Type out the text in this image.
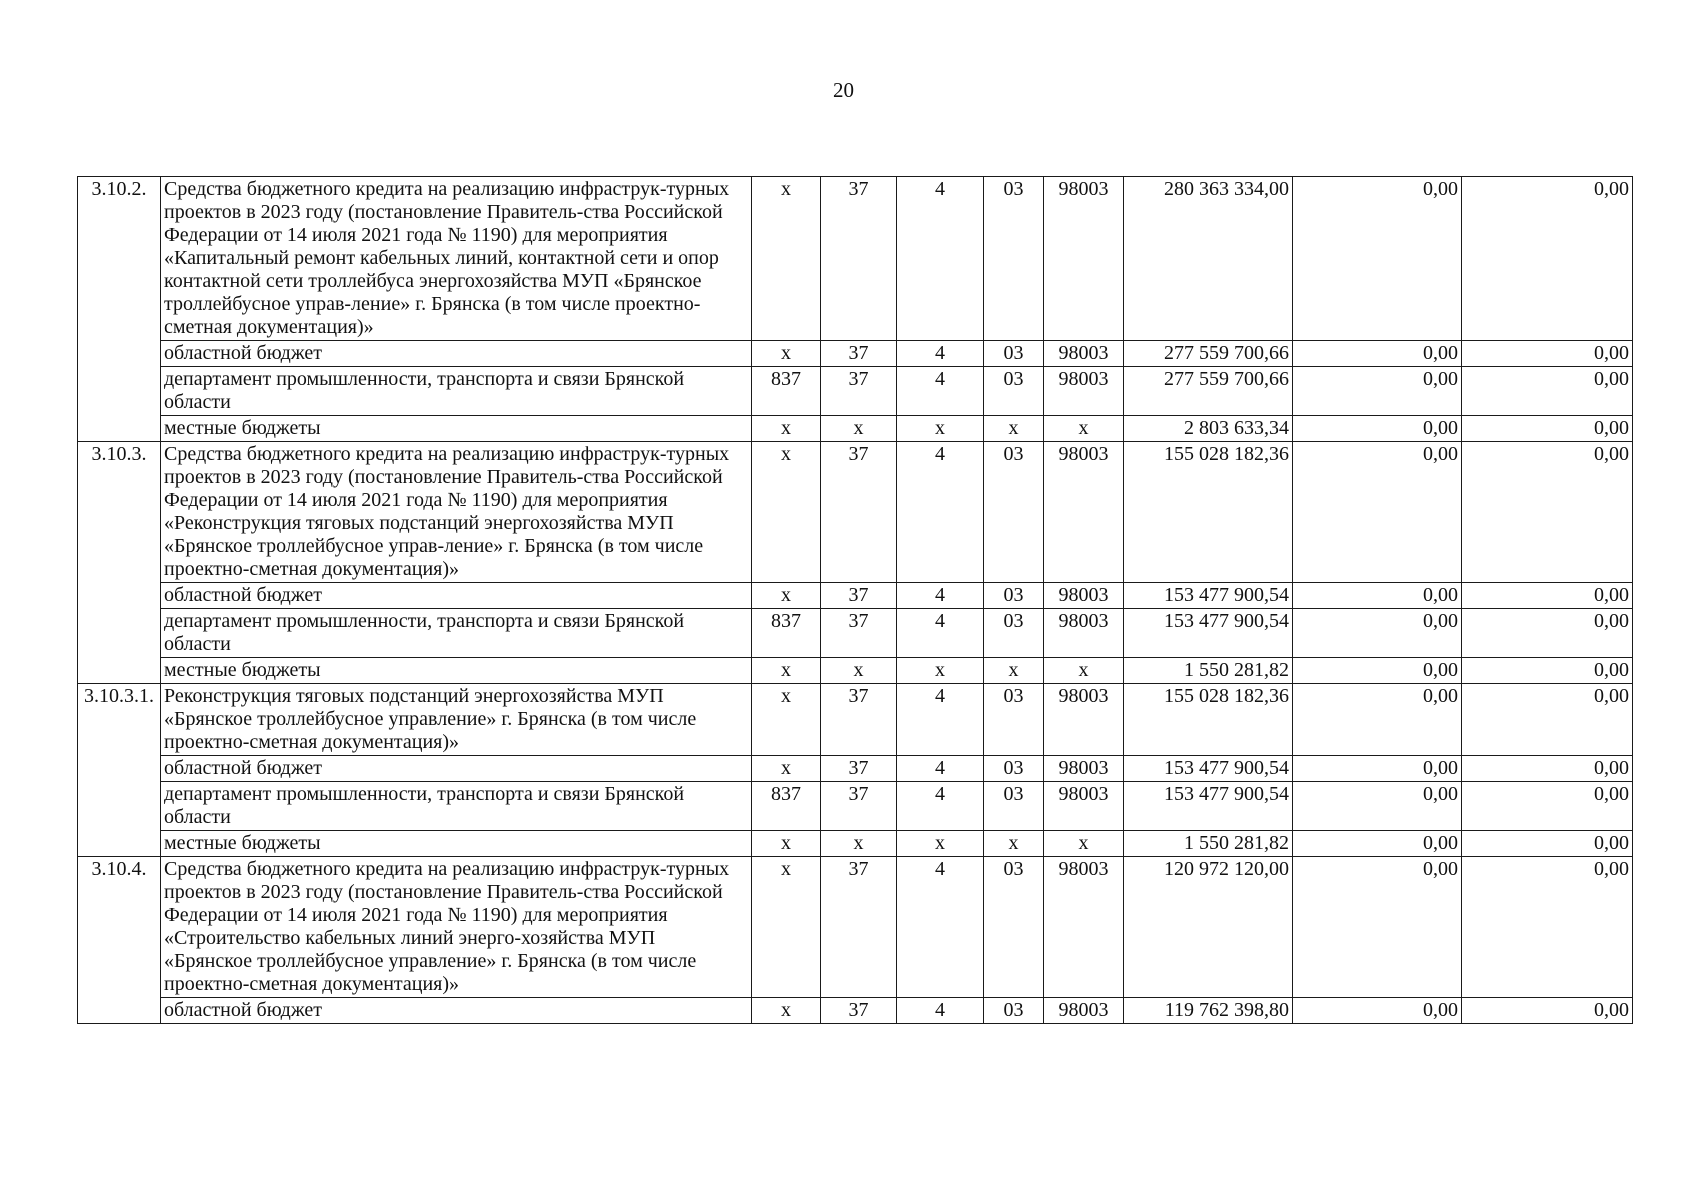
20
3.10.2.	Средства бюджетного кредита на реализацию инфраструк-турных проектов в 2023 году (постановление Правитель-ства Российской Федерации от 14 июля 2021 года № 1190) для мероприятия «Капитальный ремонт кабельных линий, контактной сети и опор контактной сети троллейбуса энергохозяйства МУП «Брянское троллейбусное управ-ление» г. Брянска (в том числе проектно-сметная документация)»	х	37	4	03	98003	280 363 334,00	0,00	0,00
	областной бюджет	х	37	4	03	98003	277 559 700,66	0,00	0,00
	департамент промышленности, транспорта и связи Брянской области	837	37	4	03	98003	277 559 700,66	0,00	0,00
	местные бюджеты	х	х	х	х	х	2 803 633,34	0,00	0,00
3.10.3.	Средства бюджетного кредита на реализацию инфраструк-турных проектов в 2023 году (постановление Правитель-ства Российской Федерации от 14 июля 2021 года № 1190) для мероприятия «Реконструкция тяговых подстанций энергохозяйства МУП «Брянское троллейбусное управ-ление» г. Брянска (в том числе проектно-сметная документация)»	х	37	4	03	98003	155 028 182,36	0,00	0,00
	областной бюджет	х	37	4	03	98003	153 477 900,54	0,00	0,00
	департамент промышленности, транспорта и связи Брянской области	837	37	4	03	98003	153 477 900,54	0,00	0,00
	местные бюджеты	х	х	х	х	х	1 550 281,82	0,00	0,00
3.10.3.1.	Реконструкция тяговых подстанций энергохозяйства МУП «Брянское троллейбусное управление» г. Брянска (в том числе проектно-сметная документация)»	х	37	4	03	98003	155 028 182,36	0,00	0,00
	областной бюджет	х	37	4	03	98003	153 477 900,54	0,00	0,00
	департамент промышленности, транспорта и связи Брянской области	837	37	4	03	98003	153 477 900,54	0,00	0,00
	местные бюджеты	х	х	х	х	х	1 550 281,82	0,00	0,00
3.10.4.	Средства бюджетного кредита на реализацию инфраструк-турных проектов в 2023 году (постановление Правитель-ства Российской Федерации от 14 июля 2021 года № 1190) для мероприятия «Строительство кабельных линий энерго-хозяйства МУП «Брянское троллейбусное управление» г. Брянска (в том числе проектно-сметная документация)»	х	37	4	03	98003	120 972 120,00	0,00	0,00
	областной бюджет	х	37	4	03	98003	119 762 398,80	0,00	0,00
